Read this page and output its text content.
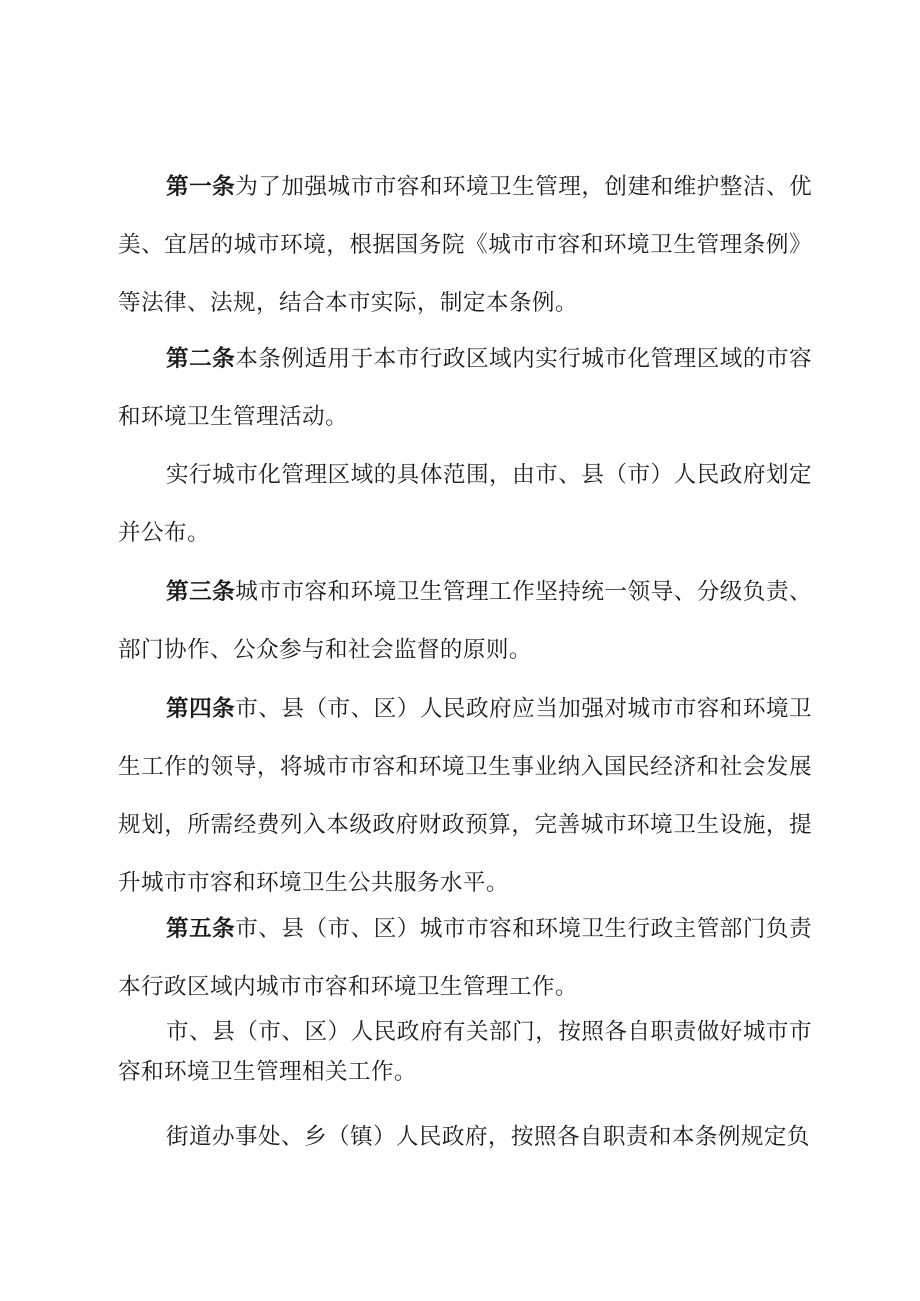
第一条为了加强城市市容和环境卫生管理，创建和维护整洁、优美、宜居的城市环境，根据国务院《城市市容和环境卫生管理条例》等法律、法规，结合本市实际，制定本条例。

第二条本条例适用于本市行政区域内实行城市化管理区域的市容和环境卫生管理活动。

实行城市化管理区域的具体范围，由市、县（市）人民政府划定并公布。

第三条城市市容和环境卫生管理工作坚持统一领导、分级负责、部门协作、公众参与和社会监督的原则。

第四条市、县（市、区）人民政府应当加强对城市市容和环境卫生工作的领导，将城市市容和环境卫生事业纳入国民经济和社会发展规划，所需经费列入本级政府财政预算，完善城市环境卫生设施，提升城市市容和环境卫生公共服务水平。

第五条市、县（市、区）城市市容和环境卫生行政主管部门负责本行政区域内城市市容和环境卫生管理工作。

市、县（市、区）人民政府有关部门，按照各自职责做好城市市容和环境卫生管理相关工作。

街道办事处、乡（镇）人民政府，按照各自职责和本条例规定负
